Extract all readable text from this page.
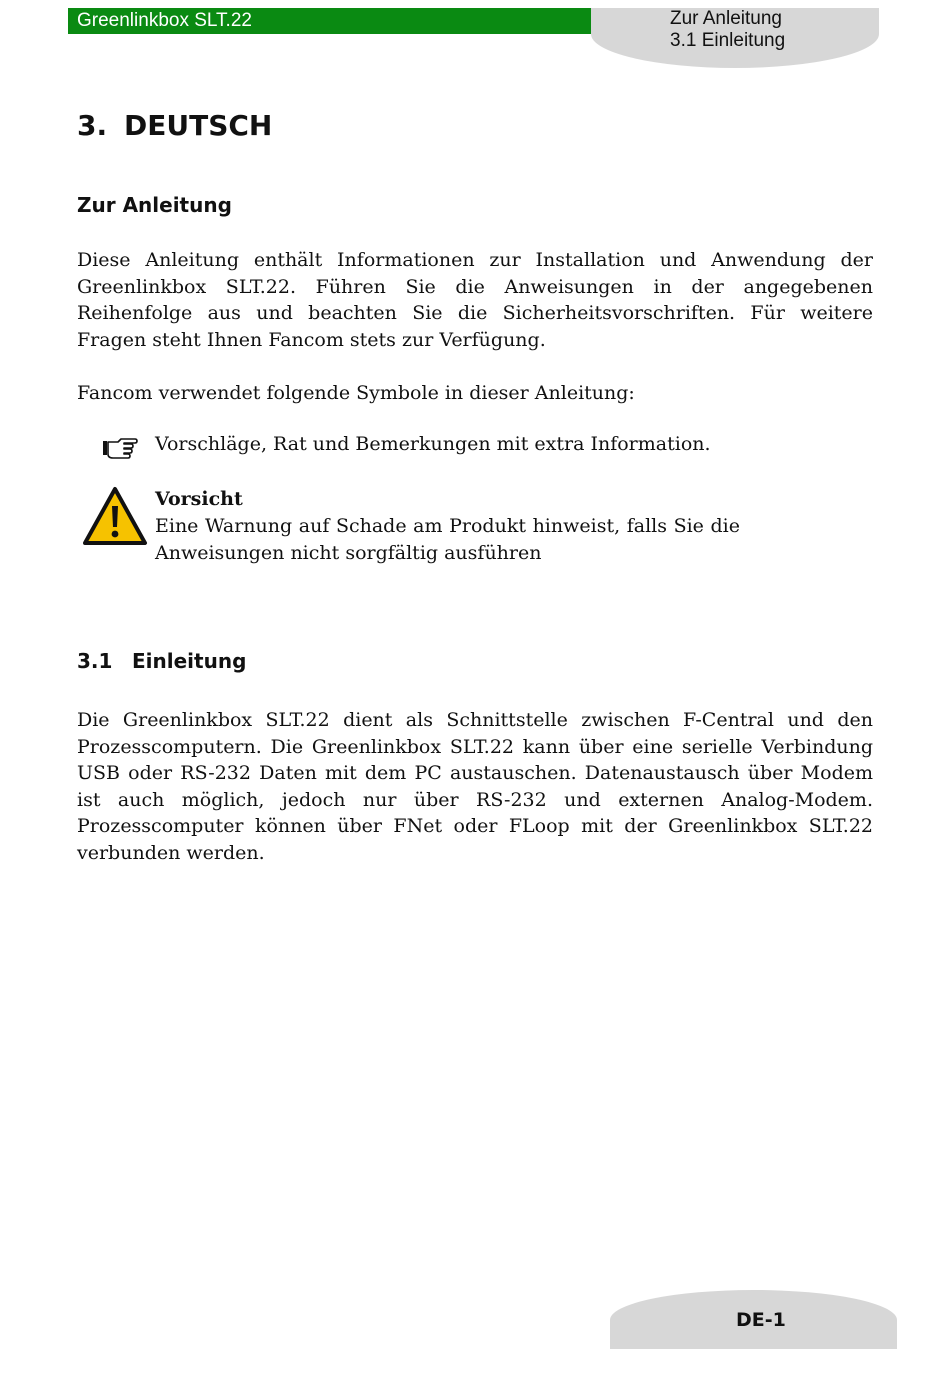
Greenlinkbox SLT.22	Zur Anleitung
3.1 Einleitung
3. DEUTSCH
Zur Anleitung

Diese Anleitung enthält Informationen zur Installation und Anwendung der Greenlinkbox SLT.22. Führen Sie die Anweisungen in der angegebenen Reihenfolge aus und beachten Sie die Sicherheitsvorschriften. Für weitere Fragen steht Ihnen Fancom stets zur Verfügung.

Fancom verwendet folgende Symbole in dieser Anleitung:

Vorschläge, Rat und Bemerkungen mit extra Information.
Vorsicht
Eine Warnung auf Schade am Produkt hinweist, falls Sie die Anweisungen nicht sorgfältig ausführen
3.1 Einleitung

Die Greenlinkbox SLT.22 dient als Schnittstelle zwischen F-Central und den Prozesscomputern. Die Greenlinkbox SLT.22 kann über eine serielle Verbindung USB oder RS-232 Daten mit dem PC austauschen. Datenaustausch über Modem ist auch möglich, jedoch nur über RS-232 und externen Analog-Modem. Prozesscomputer können über FNet oder FLoop mit der Greenlinkbox SLT.22 verbunden werden.

DE-1
